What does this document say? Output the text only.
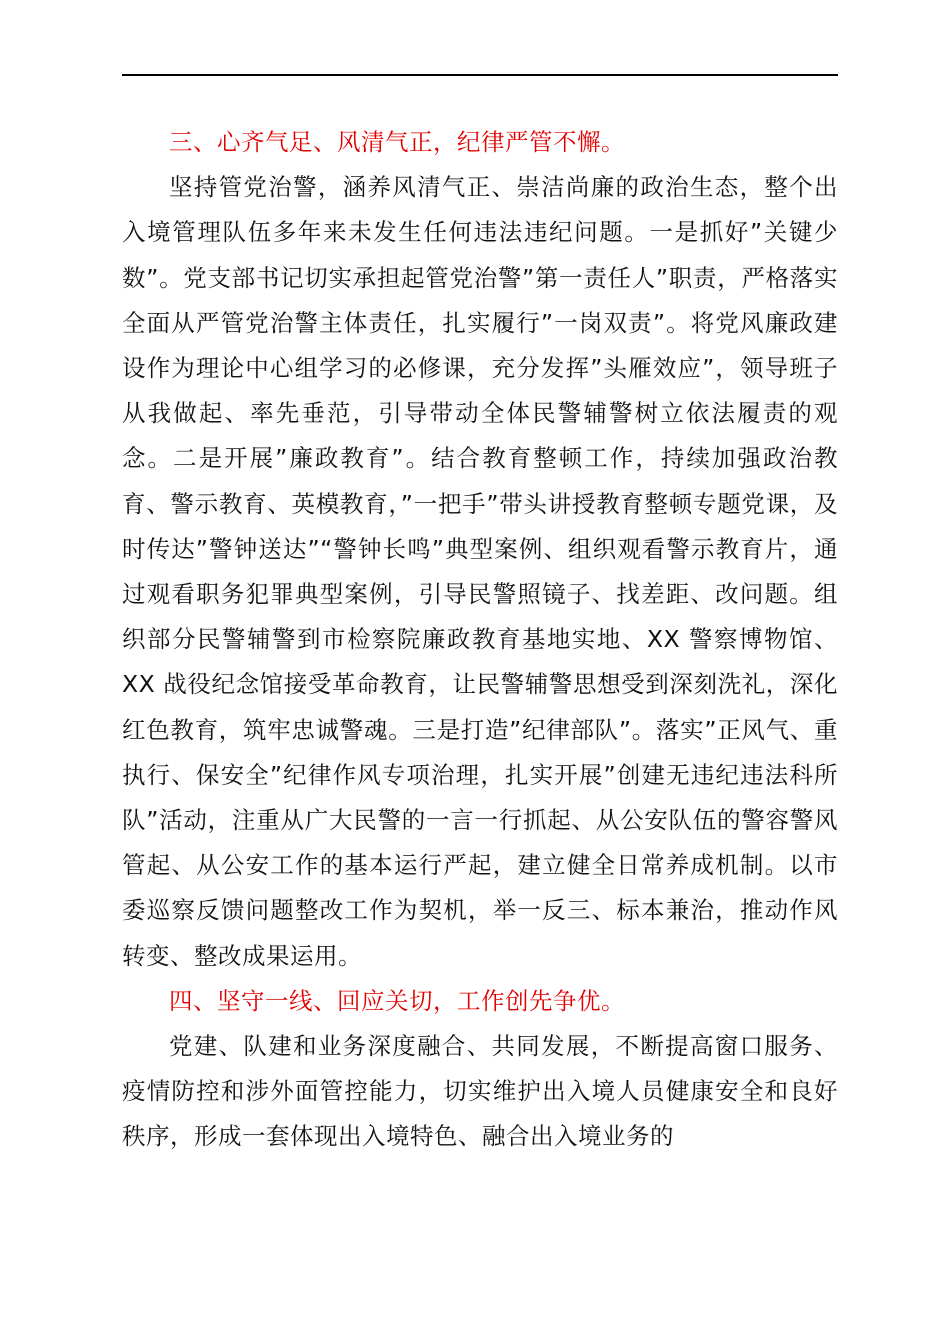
三、心齐气足、风清气正，纪律严管不懈。

坚持管党治警，涵养风清气正、崇洁尚廉的政治生态，整个出入境管理队伍多年来未发生任何违法违纪问题。一是抓好”关键少数”。党支部书记切实承担起管党治警”第一责任人”职责，严格落实全面从严管党治警主体责任，扎实履行”一岗双责”。将党风廉政建设作为理论中心组学习的必修课，充分发挥”头雁效应”，领导班子从我做起、率先垂范，引导带动全体民警辅警树立依法履责的观念。二是开展”廉政教育”。结合教育整顿工作，持续加强政治教育、警示教育、英模教育，”一把手”带头讲授教育整顿专题党课，及时传达”警钟送达”“警钟长鸣”典型案例、组织观看警示教育片，通过观看职务犯罪典型案例，引导民警照镜子、找差距、改问题。组织部分民警辅警到市检察院廉政教育基地实地、XX 警察博物馆、XX 战役纪念馆接受革命教育，让民警辅警思想受到深刻洗礼，深化红色教育，筑牢忠诚警魂。三是打造”纪律部队”。落实”正风气、重执行、保安全”纪律作风专项治理，扎实开展”创建无违纪违法科所队”活动，注重从广大民警的一言一行抓起、从公安队伍的警容警风管起、从公安工作的基本运行严起，建立健全日常养成机制。以市委巡察反馈问题整改工作为契机，举一反三、标本兼治，推动作风转变、整改成果运用。

四、坚守一线、回应关切，工作创先争优。

党建、队建和业务深度融合、共同发展，不断提高窗口服务、疫情防控和涉外面管控能力，切实维护出入境人员健康安全和良好秩序，形成一套体现出入境特色、融合出入境业务的
